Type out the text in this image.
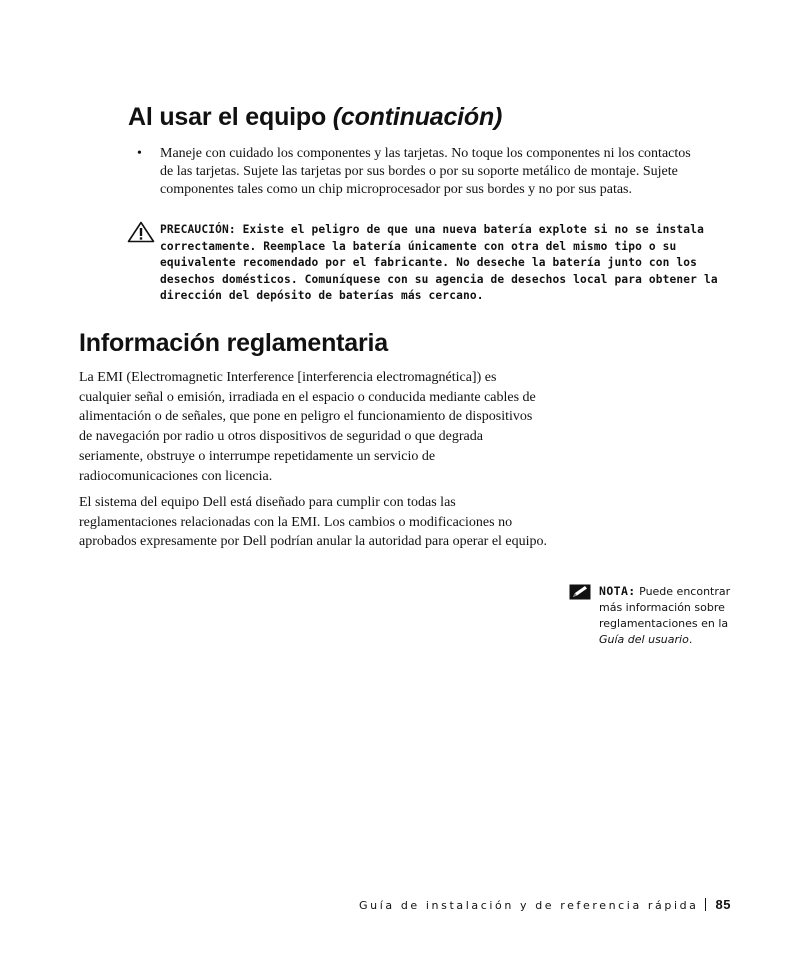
Al usar el equipo (continuación)
• Maneje con cuidado los componentes y las tarjetas. No toque los componentes ni los contactos de las tarjetas. Sujete las tarjetas por sus bordes o por su soporte metálico de montaje. Sujete componentes tales como un chip microprocesador por sus bordes y no por sus patas.
PRECAUCIÓN: Existe el peligro de que una nueva batería explote si no se instala correctamente. Reemplace la batería únicamente con otra del mismo tipo o su equivalente recomendado por el fabricante. No deseche la batería junto con los desechos domésticos. Comuníquese con su agencia de desechos local para obtener la dirección del depósito de baterías más cercano.
Información reglamentaria
La EMI (Electromagnetic Interference [interferencia electromagnética]) es cualquier señal o emisión, irradiada en el espacio o conducida mediante cables de alimentación o de señales, que pone en peligro el funcionamiento de dispositivos de navegación por radio u otros dispositivos de seguridad o que degrada seriamente, obstruye o interrumpe repetidamente un servicio de radiocomunicaciones con licencia.
El sistema del equipo Dell está diseñado para cumplir con todas las reglamentaciones relacionadas con la EMI. Los cambios o modificaciones no aprobados expresamente por Dell podrían anular la autoridad para operar el equipo.
NOTA: Puede encontrar más información sobre reglamentaciones en la Guía del usuario.
Guía de instalación y de referencia rápida 85
